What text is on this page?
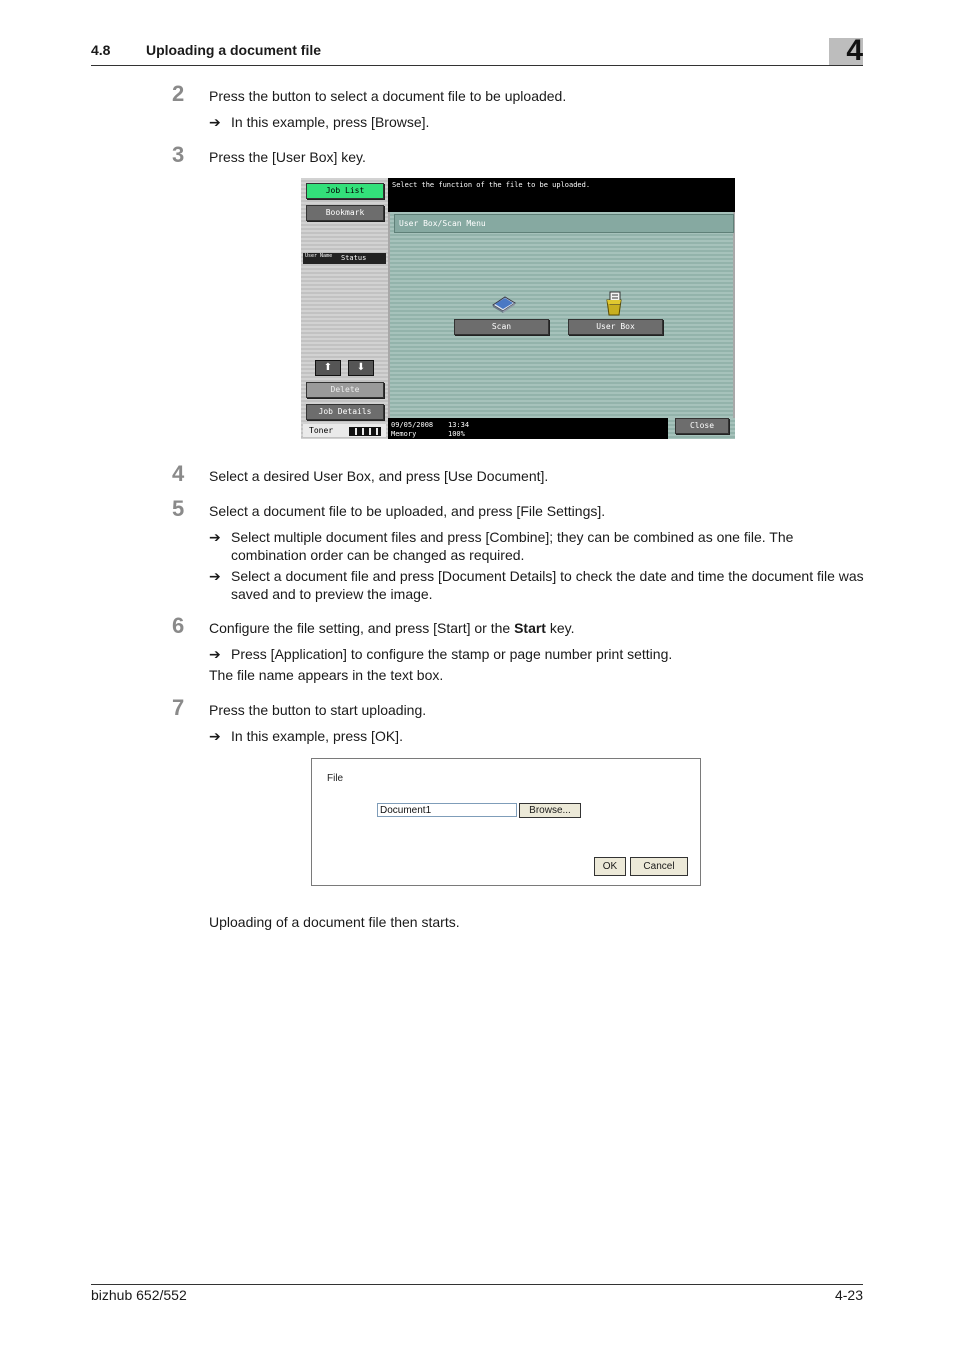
4.8	Uploading a document file	4
2 Press the button to select a document file to be uploaded.
➔ In this example, press [Browse].
3 Press the [User Box] key.
Job List
Bookmark
User Name Status
⬆	⬇
Delete
Job Details
Toner
Select the function of the file to be uploaded.
User Box/Scan Menu
Scan	User Box
09/05/2008 13:34
Memory	100%
Close
4 Select a desired User Box, and press [Use Document].
5 Select a document file to be uploaded, and press [File Settings].
➔ Select multiple document files and press [Combine]; they can be combined as one file. The combination order can be changed as required.
➔ Select a document file and press [Document Details] to check the date and time the document file was saved and to preview the image.
6 Configure the file setting, and press [Start] or the Start key.
➔ Press [Application] to configure the stamp or page number print setting.
The file name appears in the text box.
7 Press the button to start uploading.
➔ In this example, press [OK].
File
Document1	Browse...
OK	Cancel
Uploading of a document file then starts.
bizhub 652/552	4-23
